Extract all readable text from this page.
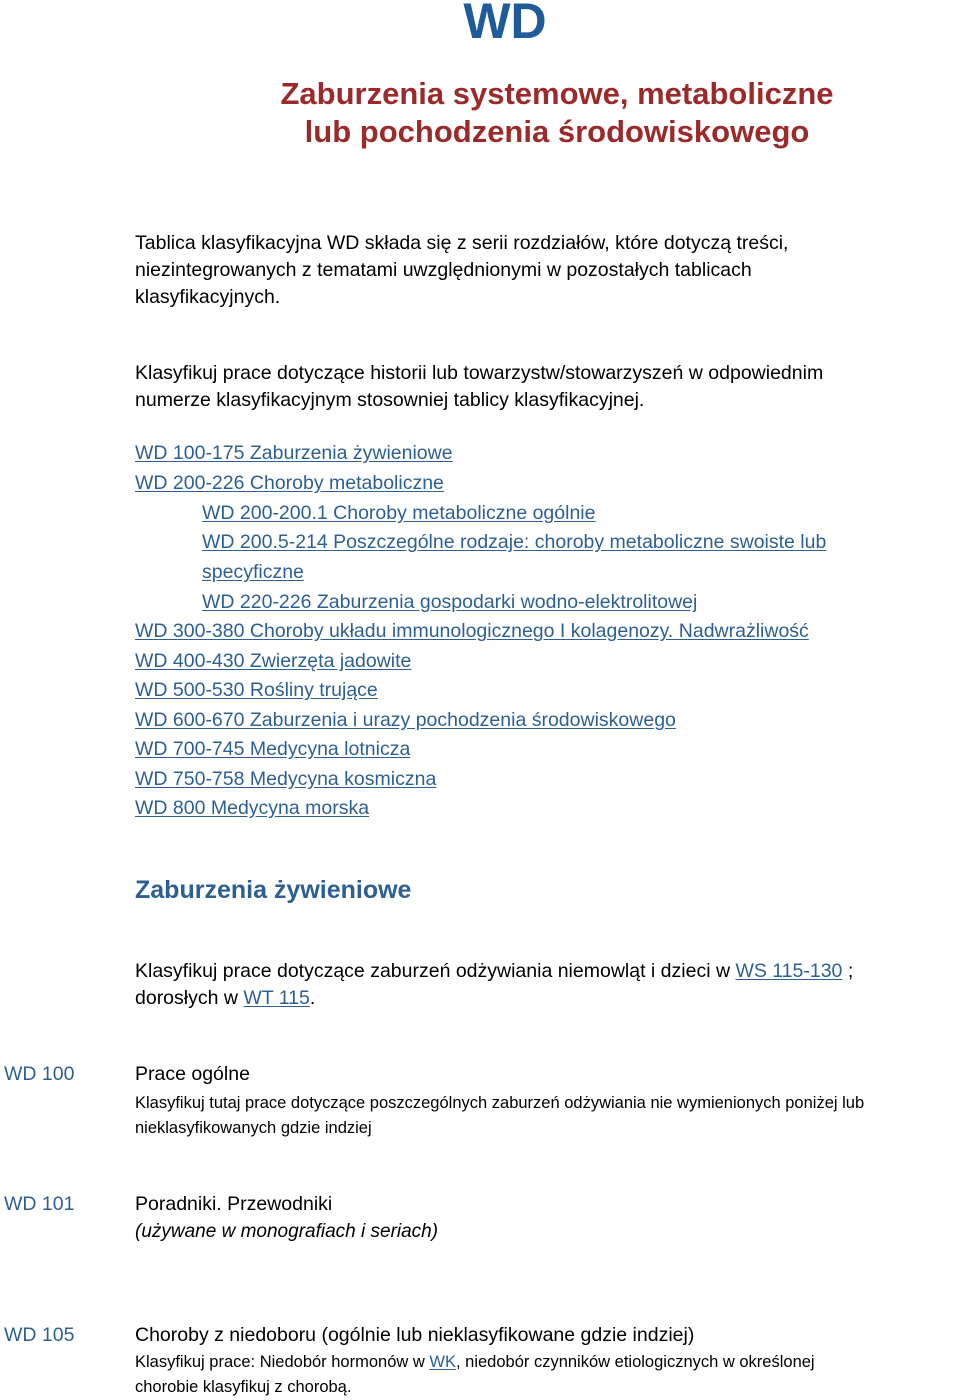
WD
Zaburzenia systemowe, metaboliczne
lub pochodzenia środowiskowego
Tablica klasyfikacyjna WD składa się z serii rozdziałów, które dotyczą treści,
niezintegrowanych z tematami uwzględnionymi w pozostałych tablicach
klasyfikacyjnych.
Klasyfikuj prace dotyczące historii lub towarzystw/stowarzyszeń w odpowiednim
numerze klasyfikacyjnym stosowniej tablicy klasyfikacyjnej.
WD 100-175 Zaburzenia żywieniowe
WD 200-226 Choroby metaboliczne
WD 200-200.1 Choroby metaboliczne ogólnie
WD 200.5-214 Poszczególne rodzaje: choroby metaboliczne swoiste lub
specyficzne
WD 220-226 Zaburzenia gospodarki wodno-elektrolitowej
WD 300-380 Choroby układu immunologicznego I kolagenozy. Nadwrażliwość
WD 400-430 Zwierzęta jadowite
WD 500-530 Rośliny trujące
WD 600-670 Zaburzenia i urazy pochodzenia środowiskowego
WD 700-745 Medycyna lotnicza
WD 750-758 Medycyna kosmiczna
WD 800 Medycyna morska
Zaburzenia żywieniowe
Klasyfikuj prace dotyczące zaburzeń odżywiania niemowląt i dzieci w WS 115-130 ;
dorosłych w WT 115.
WD 100	Prace ogólne
Klasyfikuj tutaj prace dotyczące poszczególnych zaburzeń odżywiania nie wymienionych poniżej lub
nieklasyfikowanych gdzie indziej
WD 101	Poradniki. Przewodniki
(używane w monografiach i seriach)
WD 105	Choroby z niedoboru (ogólnie lub nieklasyfikowane gdzie indziej)
Klasyfikuj prace: Niedobór hormonów w WK, niedobór czynników etiologicznych w określonej
chorobie klasyfikuj z chorobą.
